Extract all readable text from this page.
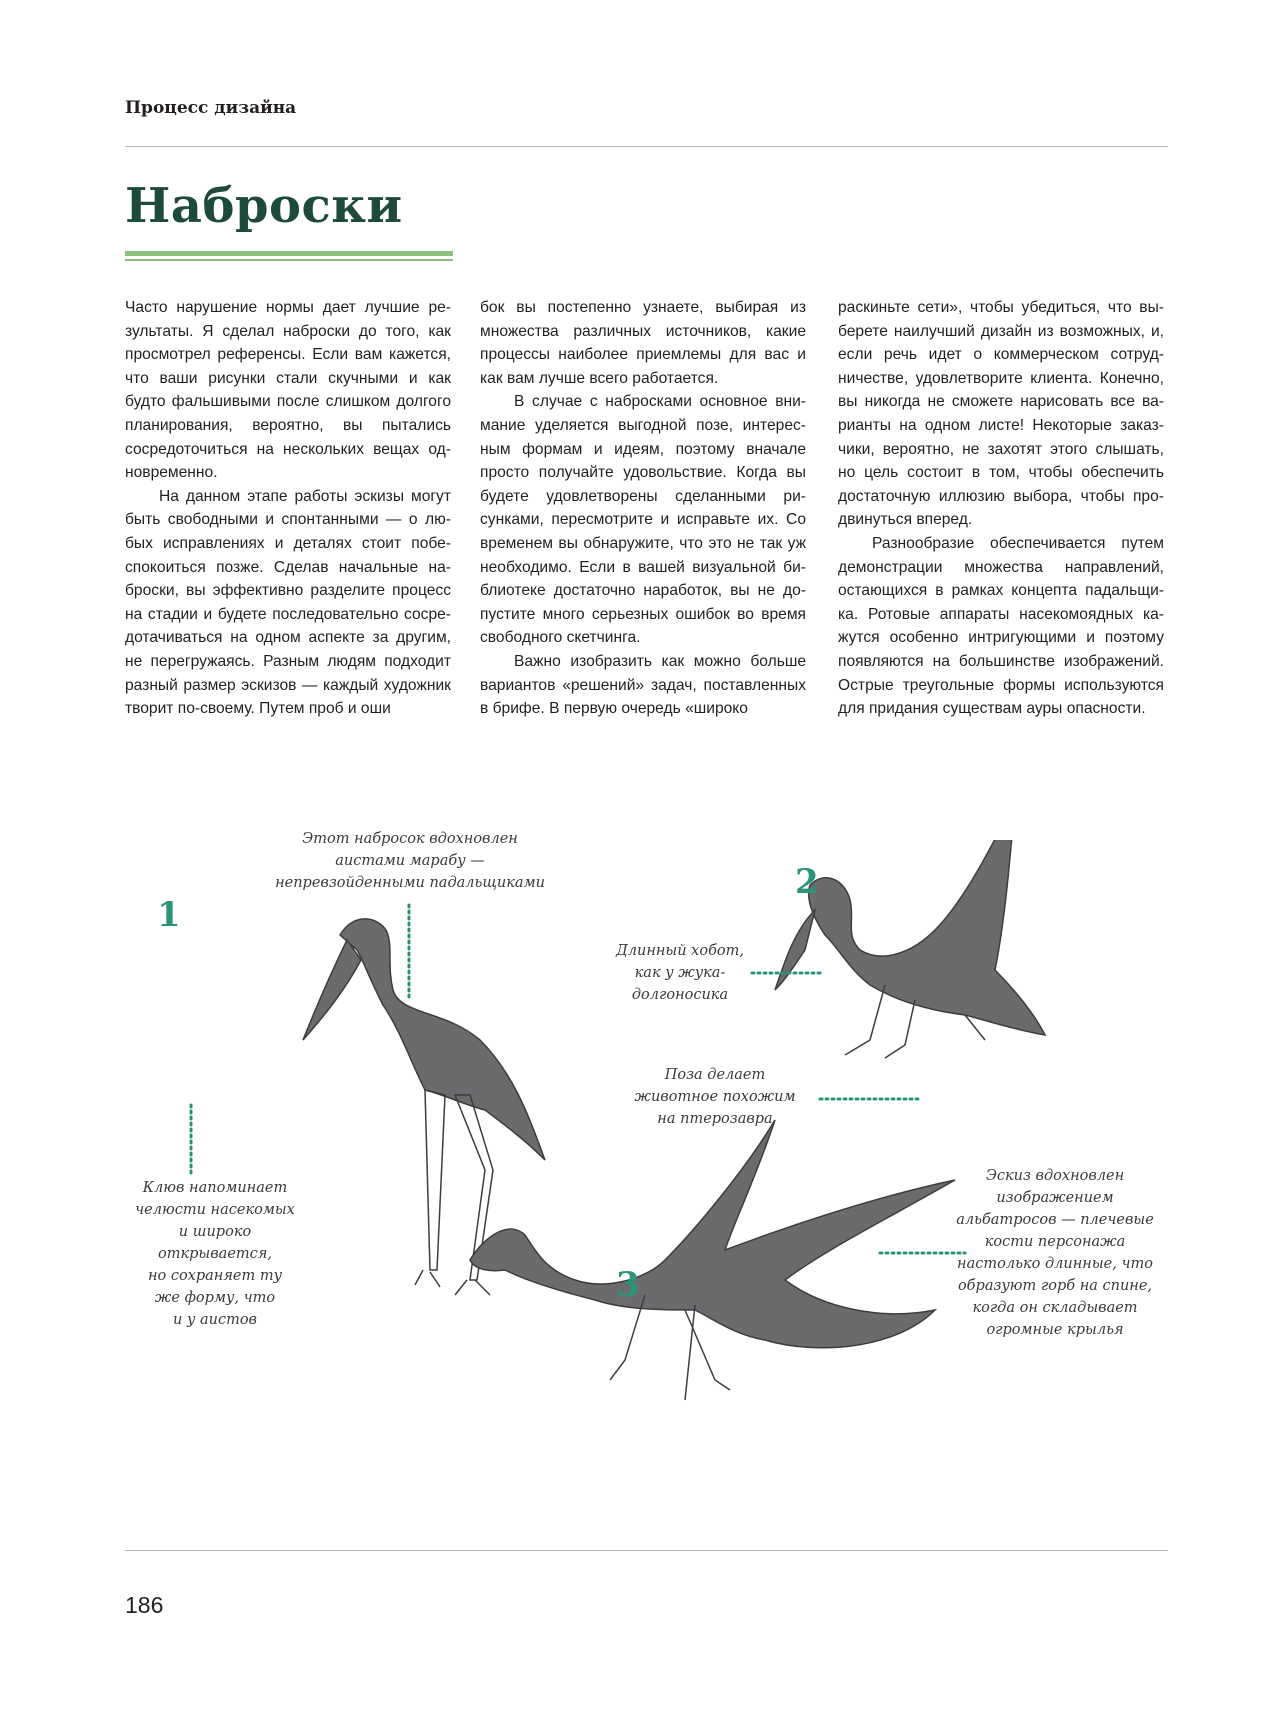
Процесс дизайна
Наброски

Часто нарушение нормы дает лучшие результаты. Я сделал наброски до того, как просмотрел референсы. Если вам кажется, что ваши рисунки стали скучными и как будто фальшивыми после слишком долгого планирования, вероятно, вы пытались сосредоточиться на нескольких вещах одновременно.

На данном этапе работы эскизы могут быть свободными и спонтанными — о любых исправлениях и деталях стоит побеспокоиться позже. Сделав начальные наброски, вы эффективно разделите процесс на стадии и будете последовательно сосредотачиваться на одном аспекте за другим, не перегружаясь. Разным людям подходит разный размер эскизов — каждый художник творит по-своему. Путем проб и оши

бок вы постепенно узнаете, выбирая из множества различных источников, какие процессы наиболее приемлемы для вас и как вам лучше всего работается.

В случае с набросками основное внимание уделяется выгодной позе, интересным формам и идеям, поэтому вначале просто получайте удовольствие. Когда вы будете удовлетворены сделанными рисунками, пересмотрите и исправьте их. Со временем вы обнаружите, что это не так уж необходимо. Если в вашей визуальной библиотеке достаточно наработок, вы не допустите много серьезных ошибок во время свободного скетчинга.

Важно изобразить как можно больше вариантов «решений» задач, поставленных в брифе. В первую очередь «широко

раскиньте сети», чтобы убедиться, что выберете наилучший дизайн из возможных, и, если речь идет о коммерческом сотрудничестве, удовлетворите клиента. Конечно, вы никогда не сможете нарисовать все варианты на одном листе! Некоторые заказчики, вероятно, не захотят этого слышать, но цель состоит в том, чтобы обеспечить достаточную иллюзию выбора, чтобы продвинуться вперед.

Разнообразие обеспечивается путем демонстрации множества направлений, остающихся в рамках концепта падальщика. Ротовые аппараты насекомоядных кажутся особенно интригующими и поэтому появляются на большинстве изображений. Острые треугольные формы используются для придания существам ауры опасности.

1
2
3
Этот набросок вдохновлен
аистами марабу —
непревзойденными падальщиками
Клюв напоминает
челюсти насекомых
и широко
открывается,
но сохраняет ту
же форму, что
и у аистов
Длинный хобот,
как у жука-
долгоносика
Поза делает
животное похожим
на птерозавра
Эскиз вдохновлен
изображением
альбатросов — плечевые
кости персонажа
настолько длинные, что
образуют горб на спине,
когда он складывает
огромные крылья
186
